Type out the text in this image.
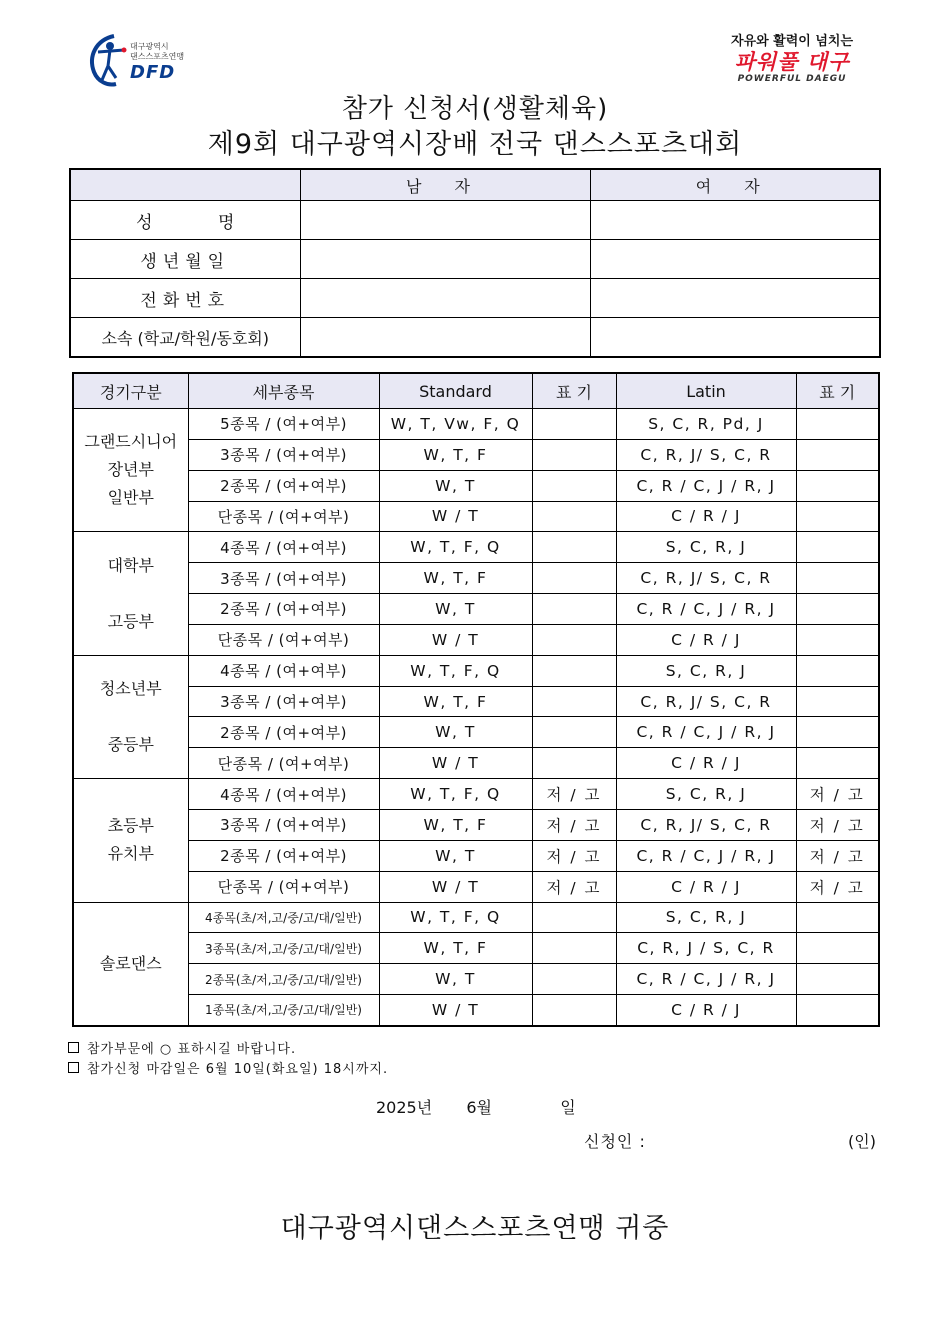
대구광역시
댄스스포츠연맹
DFD
자유와 활력이 넘치는
파워풀 대구
POWERFUL DAEGU
참가 신청서(생활체육)
제9회 대구광역시장배 전국 댄스스포츠대회
	남 자	여 자
성 명		
생년월일		
전화번호		
소속 (학교/학원/동호회)		
경기구분	세부종목	Standard	표 기	Latin	표 기

그랜드시니어
장년부
일반부	5종목 / (여+여부)	W, T, Vw, F, Q		S, C, R, Pd, J	
	3종목 / (여+여부)	W, T, F		C, R, J/ S, C, R	
	2종목 / (여+여부)	W, T		C, R / C, J / R, J	
	단종목 / (여+여부)	W / T		C / R / J	

대학부

고등부	4종목 / (여+여부)	W, T, F, Q		S, C, R, J	
	3종목 / (여+여부)	W, T, F		C, R, J/ S, C, R	
	2종목 / (여+여부)	W, T		C, R / C, J / R, J	
	단종목 / (여+여부)	W / T		C / R / J	

청소년부

중등부	4종목 / (여+여부)	W, T, F, Q		S, C, R, J	
	3종목 / (여+여부)	W, T, F		C, R, J/ S, C, R	
	2종목 / (여+여부)	W, T		C, R / C, J / R, J	
	단종목 / (여+여부)	W / T		C / R / J	

초등부
유치부	4종목 / (여+여부)	W, T, F, Q	저 / 고	S, C, R, J	저 / 고
	3종목 / (여+여부)	W, T, F	저 / 고	C, R, J/ S, C, R	저 / 고
	2종목 / (여+여부)	W, T	저 / 고	C, R / C, J / R, J	저 / 고
	단종목 / (여+여부)	W / T	저 / 고	C / R / J	저 / 고

솔로댄스	4종목(초/저,고/중/고/대/일반)	W, T, F, Q		S, C, R, J	
	3종목(초/저,고/중/고/대/일반)	W, T, F		C, R, J / S, C, R	
	2종목(초/저,고/중/고/대/일반)	W, T		C, R / C, J / R, J	
	1종목(초/저,고/중/고/대/일반)	W / T		C / R / J	
참가부문에 ○ 표하시길 바랍니다.
참가신청 마감일은 6월 10일(화요일) 18시까지.
2025년 6월	일
신청인 :	(인)
대구광역시댄스스포츠연맹 귀중
